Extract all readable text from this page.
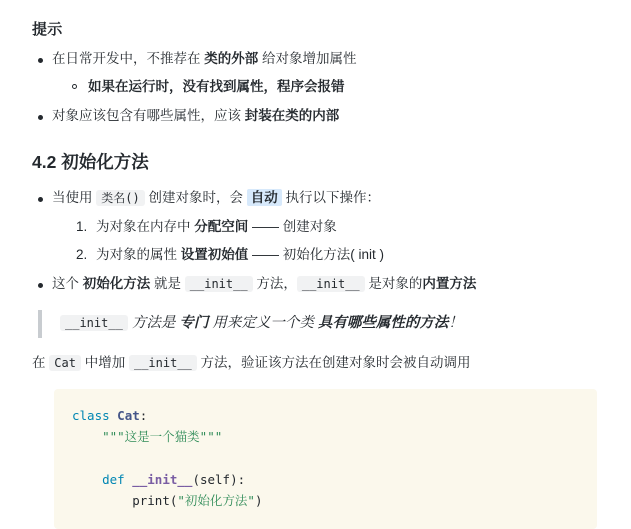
提示
在日常开发中，不推荐在 类的外部 给对象增加属性
如果在运行时，没有找到属性，程序会报错
对象应该包含有哪些属性，应该 封装在类的内部
4.2 初始化方法
当使用 类名() 创建对象时，会 自动 执行以下操作：
为对象在内存中 分配空间 —— 创建对象
为对象的属性 设置初始值 —— 初始化方法( init )
这个 初始化方法 就是 __init__ 方法， __init__ 是对象的内置方法
__init__ 方法是 专门 用来定义一个类 具有哪些属性的方法！
在 Cat 中增加 __init__ 方法，验证该方法在创建对象时会被自动调用
class Cat:
"""这是一个猫类"""

def __init__(self):
print("初始化方法")
